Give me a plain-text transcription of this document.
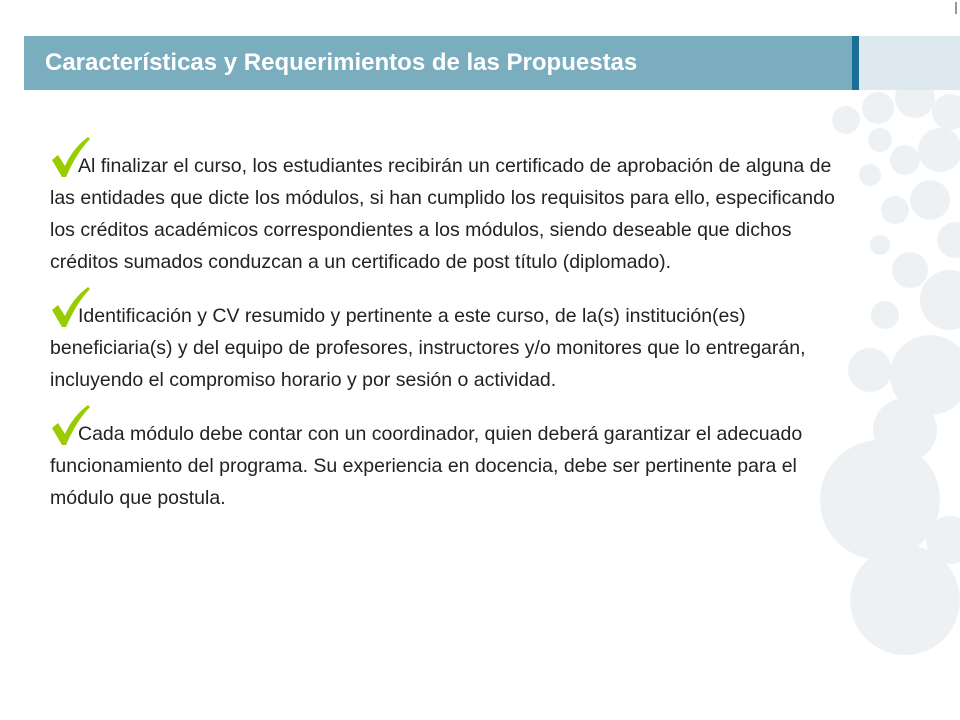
Características y Requerimientos de las Propuestas
Al finalizar el curso, los estudiantes recibirán un certificado de aprobación de alguna de las entidades que dicte los módulos, si han cumplido los requisitos para ello, especificando los créditos académicos correspondientes a los módulos, siendo deseable que dichos créditos sumados conduzcan a un certificado de post título (diplomado).
Identificación y CV resumido y pertinente a este curso, de la(s) institución(es) beneficiaria(s) y del equipo de profesores, instructores y/o monitores que lo entregarán, incluyendo el compromiso horario y por sesión o actividad.
Cada módulo debe contar con un coordinador, quien deberá garantizar el adecuado funcionamiento del programa. Su experiencia en docencia, debe ser pertinente para el módulo que postula.
